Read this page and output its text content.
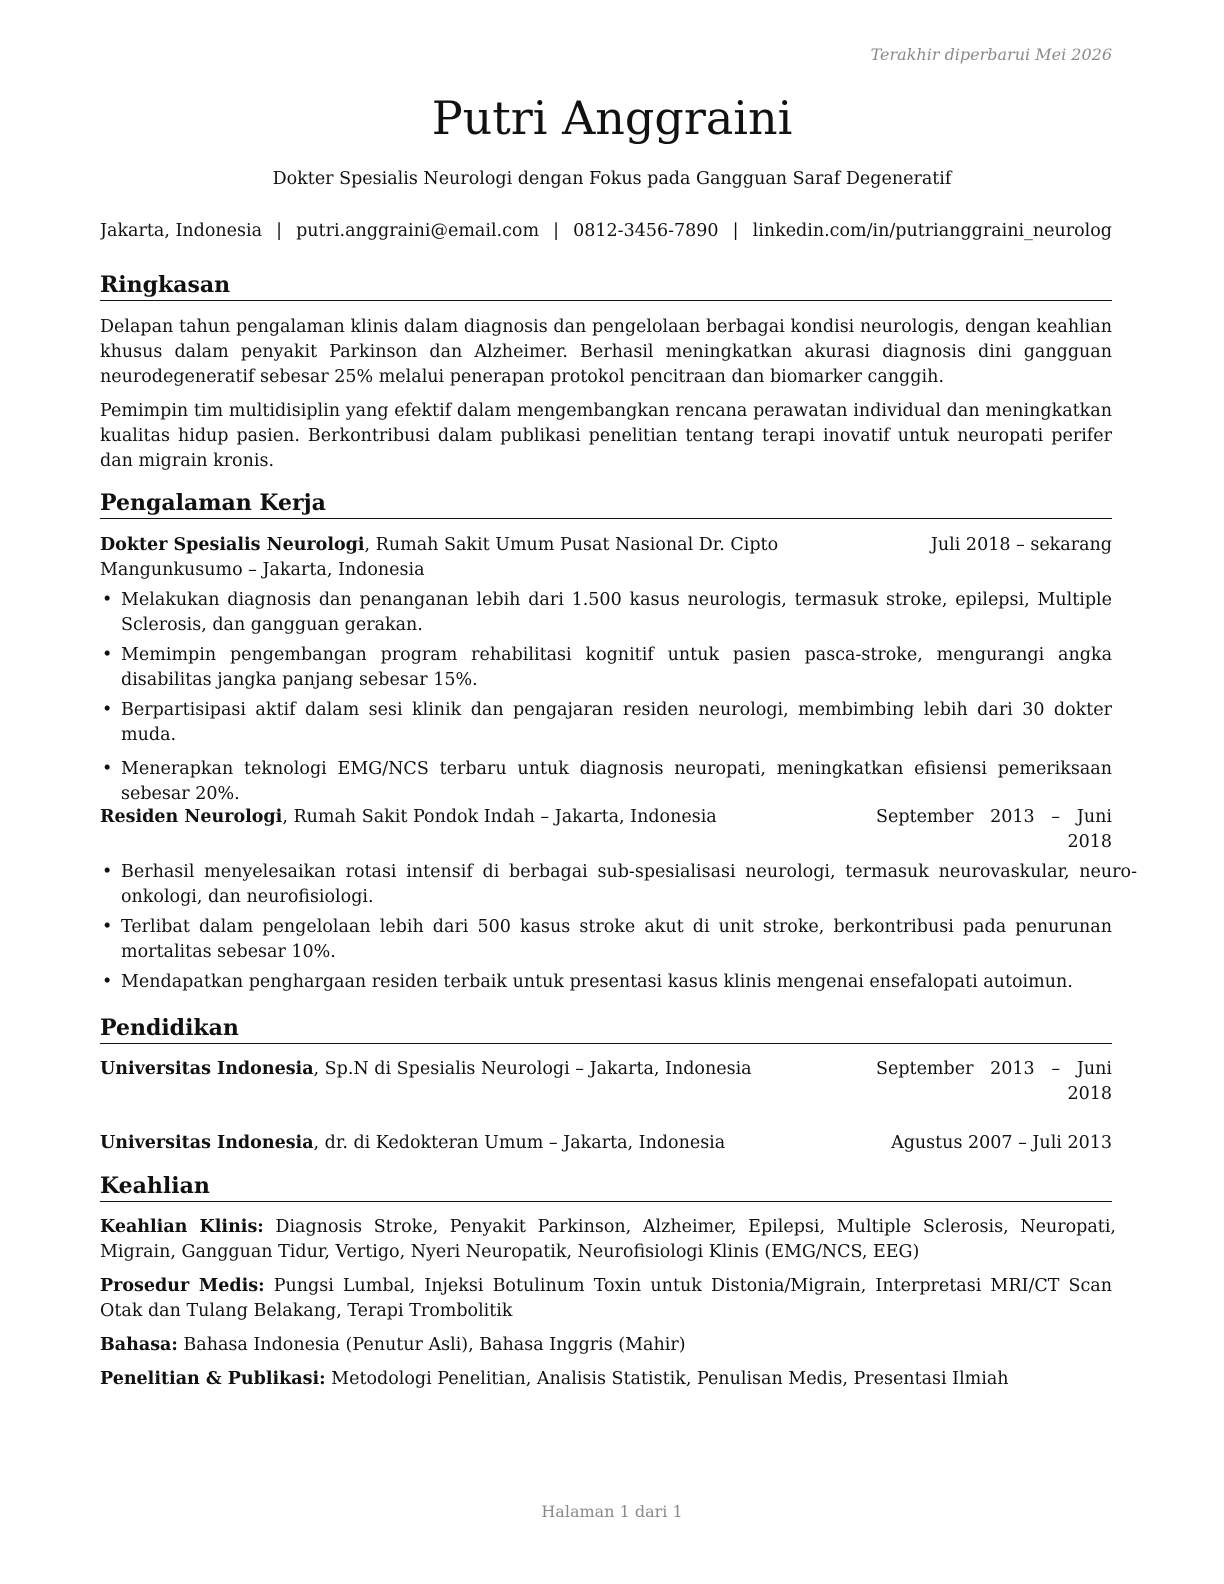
Terakhir diperbarui Mei 2026
Putri Anggraini
Dokter Spesialis Neurologi dengan Fokus pada Gangguan Saraf Degeneratif
Jakarta, Indonesia | putri.anggraini@email.com | 0812-3456-7890 | linkedin.com/in/putrianggraini_neurolog
Ringkasan

Delapan tahun pengalaman klinis dalam diagnosis dan pengelolaan berbagai kondisi neurologis, dengan keahlian khusus dalam penyakit Parkinson dan Alzheimer. Berhasil meningkatkan akurasi diagnosis dini gangguan neurodegeneratif sebesar 25% melalui penerapan protokol pencitraan dan biomarker canggih.

Pemimpin tim multidisiplin yang efektif dalam mengembangkan rencana perawatan individual dan meningkatkan kualitas hidup pasien. Berkontribusi dalam publikasi penelitian tentang terapi inovatif untuk neuropati perifer dan migrain kronis.

Pengalaman Kerja
Dokter Spesialis Neurologi, Rumah Sakit Umum Pusat Nasional Dr. Cipto Mangunkusumo – Jakarta, Indonesia
Juli 2018 – sekarang
• Melakukan diagnosis dan penanganan lebih dari 1.500 kasus neurologis, termasuk stroke, epilepsi, Multiple Sclerosis, dan gangguan gerakan.
• Memimpin pengembangan program rehabilitasi kognitif untuk pasien pasca-stroke, mengurangi angka disabilitas jangka panjang sebesar 15%.
• Berpartisipasi aktif dalam sesi klinik dan pengajaran residen neurologi, membimbing lebih dari 30 dokter muda.
• Menerapkan teknologi EMG/NCS terbaru untuk diagnosis neuropati, meningkatkan efisiensi pemeriksaan sebesar 20%.
Residen Neurologi, Rumah Sakit Pondok Indah – Jakarta, Indonesia	September 2013 – Juni 2018
• Berhasil menyelesaikan rotasi intensif di berbagai sub-spesialisasi neurologi, termasuk neurovaskular, neuro-onkologi, dan neurofisiologi.
• Terlibat dalam pengelolaan lebih dari 500 kasus stroke akut di unit stroke, berkontribusi pada penurunan mortalitas sebesar 10%.
• Mendapatkan penghargaan residen terbaik untuk presentasi kasus klinis mengenai ensefalopati autoimun.
Pendidikan
Universitas Indonesia, Sp.N di Spesialis Neurologi – Jakarta, Indonesia	September 2013 – Juni 2018
Universitas Indonesia, dr. di Kedokteran Umum – Jakarta, Indonesia	Agustus 2007 – Juli 2013
Keahlian

Keahlian Klinis: Diagnosis Stroke, Penyakit Parkinson, Alzheimer, Epilepsi, Multiple Sclerosis, Neuropati, Migrain, Gangguan Tidur, Vertigo, Nyeri Neuropatik, Neurofisiologi Klinis (EMG/NCS, EEG)

Prosedur Medis: Pungsi Lumbal, Injeksi Botulinum Toxin untuk Distonia/Migrain, Interpretasi MRI/CT Scan Otak dan Tulang Belakang, Terapi Trombolitik

Bahasa: Bahasa Indonesia (Penutur Asli), Bahasa Inggris (Mahir)

Penelitian & Publikasi: Metodologi Penelitian, Analisis Statistik, Penulisan Medis, Presentasi Ilmiah

Halaman 1 dari 1
